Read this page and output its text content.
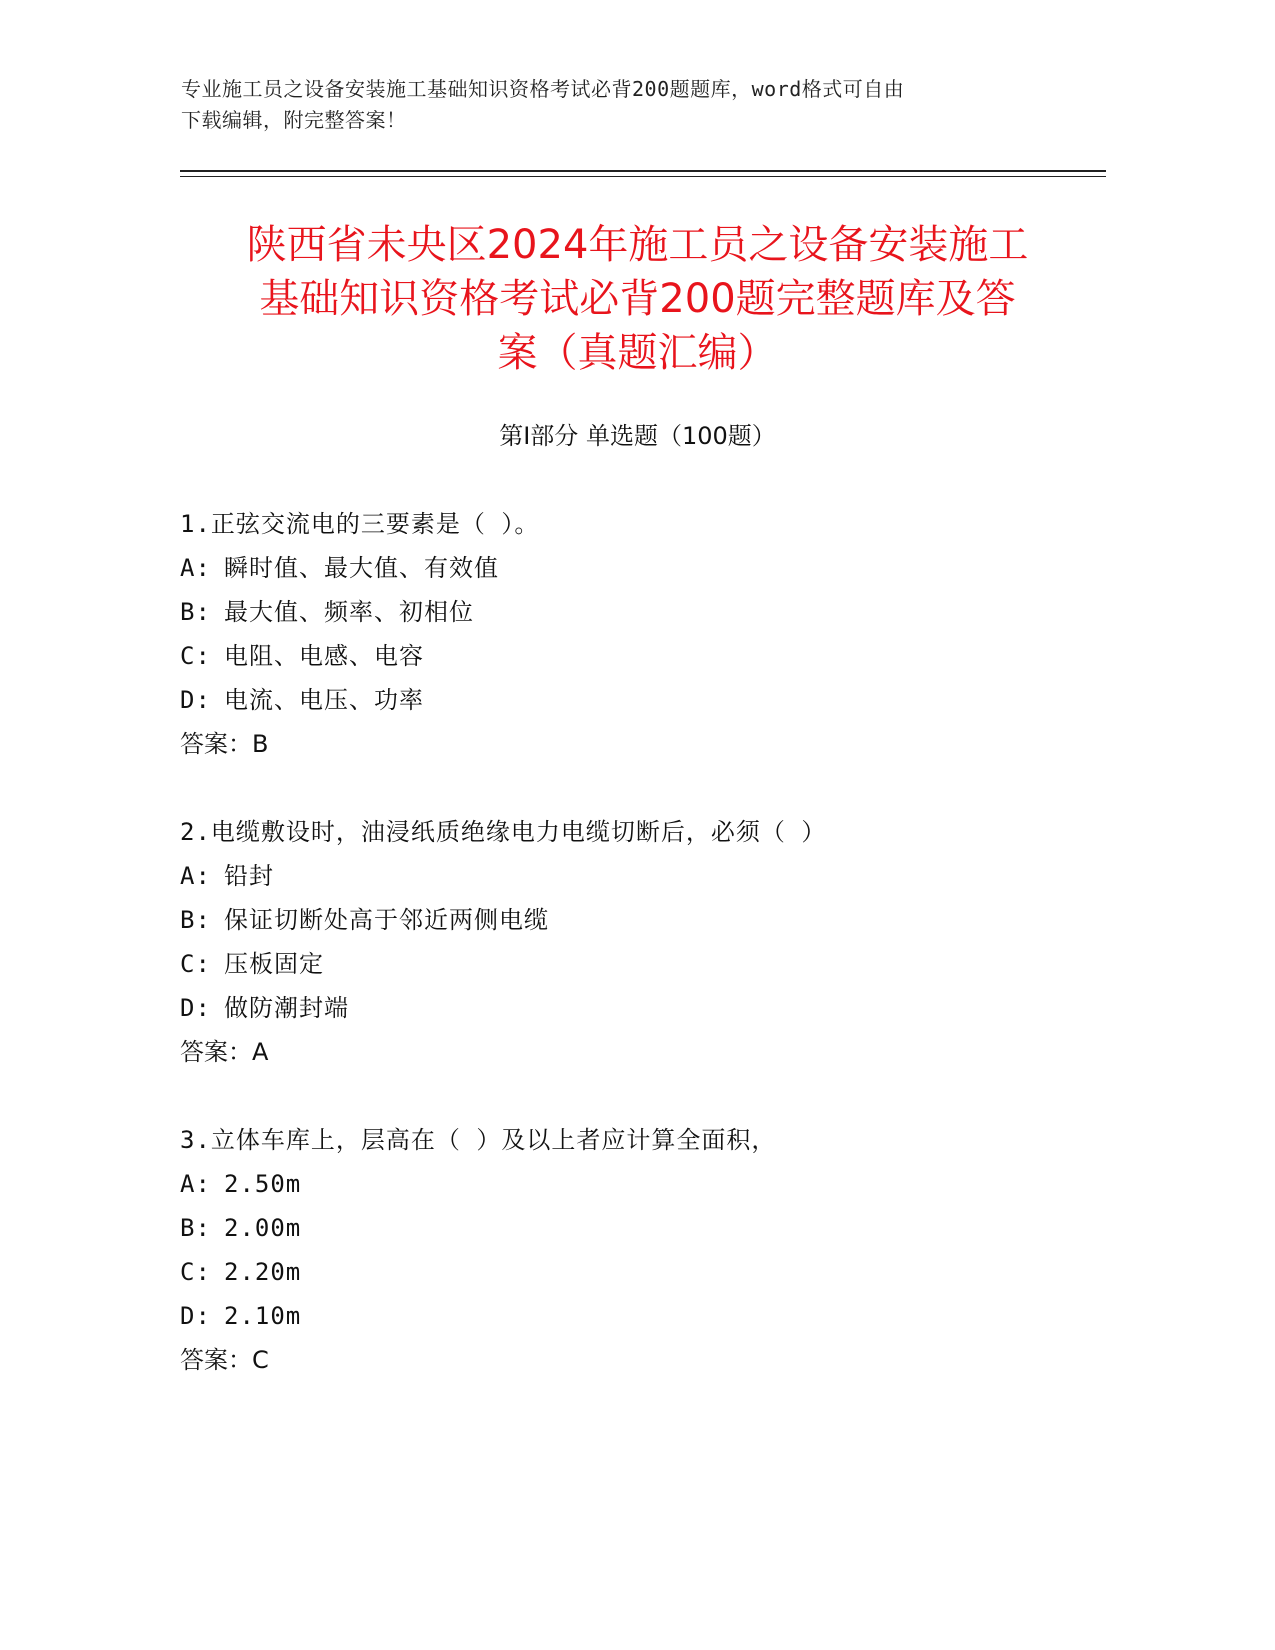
专业施工员之设备安装施工基础知识资格考试必背200题题库，word格式可自由
下载编辑，附完整答案！
陕西省未央区2024年施工员之设备安装施工
基础知识资格考试必背200题完整题库及答
案（真题汇编）
第Ⅰ部分 单选题（100题）
1.正弦交流电的三要素是（ ）。
A: 瞬时值、最大值、有效值
B: 最大值、频率、初相位
C: 电阻、电感、电容
D: 电流、电压、功率
答案：B
2.电缆敷设时，油浸纸质绝缘电力电缆切断后，必须（ ）
A: 铅封
B: 保证切断处高于邻近两侧电缆
C: 压板固定
D: 做防潮封端
答案：A
3.立体车库上，层高在（ ）及以上者应计算全面积，
A: 2.50m
B: 2.00m
C: 2.20m
D: 2.10m
答案：C
